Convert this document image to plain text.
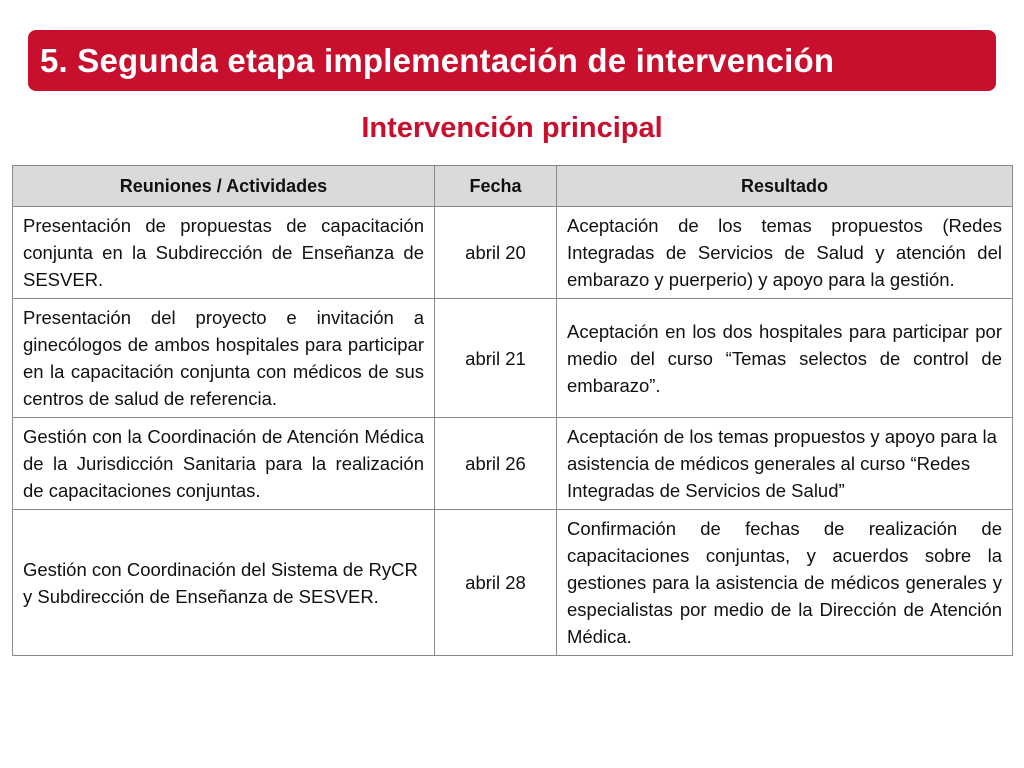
5. Segunda etapa implementación de intervención
Intervención principal
Reuniones / Actividades	Fecha	Resultado
Presentación de propuestas de capacitación conjunta en la Subdirección de Enseñanza de SESVER.	abril 20	Aceptación de los temas propuestos (Redes Integradas de Servicios de Salud y atención del embarazo y puerperio) y apoyo para la gestión.
Presentación del proyecto e invitación a ginecólogos de ambos hospitales para participar en la capacitación conjunta con médicos de sus centros de salud de referencia.	abril 21	Aceptación en los dos hospitales para participar por medio del curso “Temas selectos de control de embarazo”.
Gestión con la Coordinación de Atención Médica de la Jurisdicción Sanitaria para la realización de capacitaciones conjuntas.	abril 26	Aceptación de los temas propuestos y apoyo para la asistencia de médicos generales al curso “Redes Integradas de Servicios de Salud”
Gestión con Coordinación del Sistema de RyCR y Subdirección de Enseñanza de SESVER.	abril 28	Confirmación de fechas de realización de capacitaciones conjuntas, y acuerdos sobre la gestiones para la asistencia de médicos generales y especialistas por medio de la Dirección de Atención Médica.
